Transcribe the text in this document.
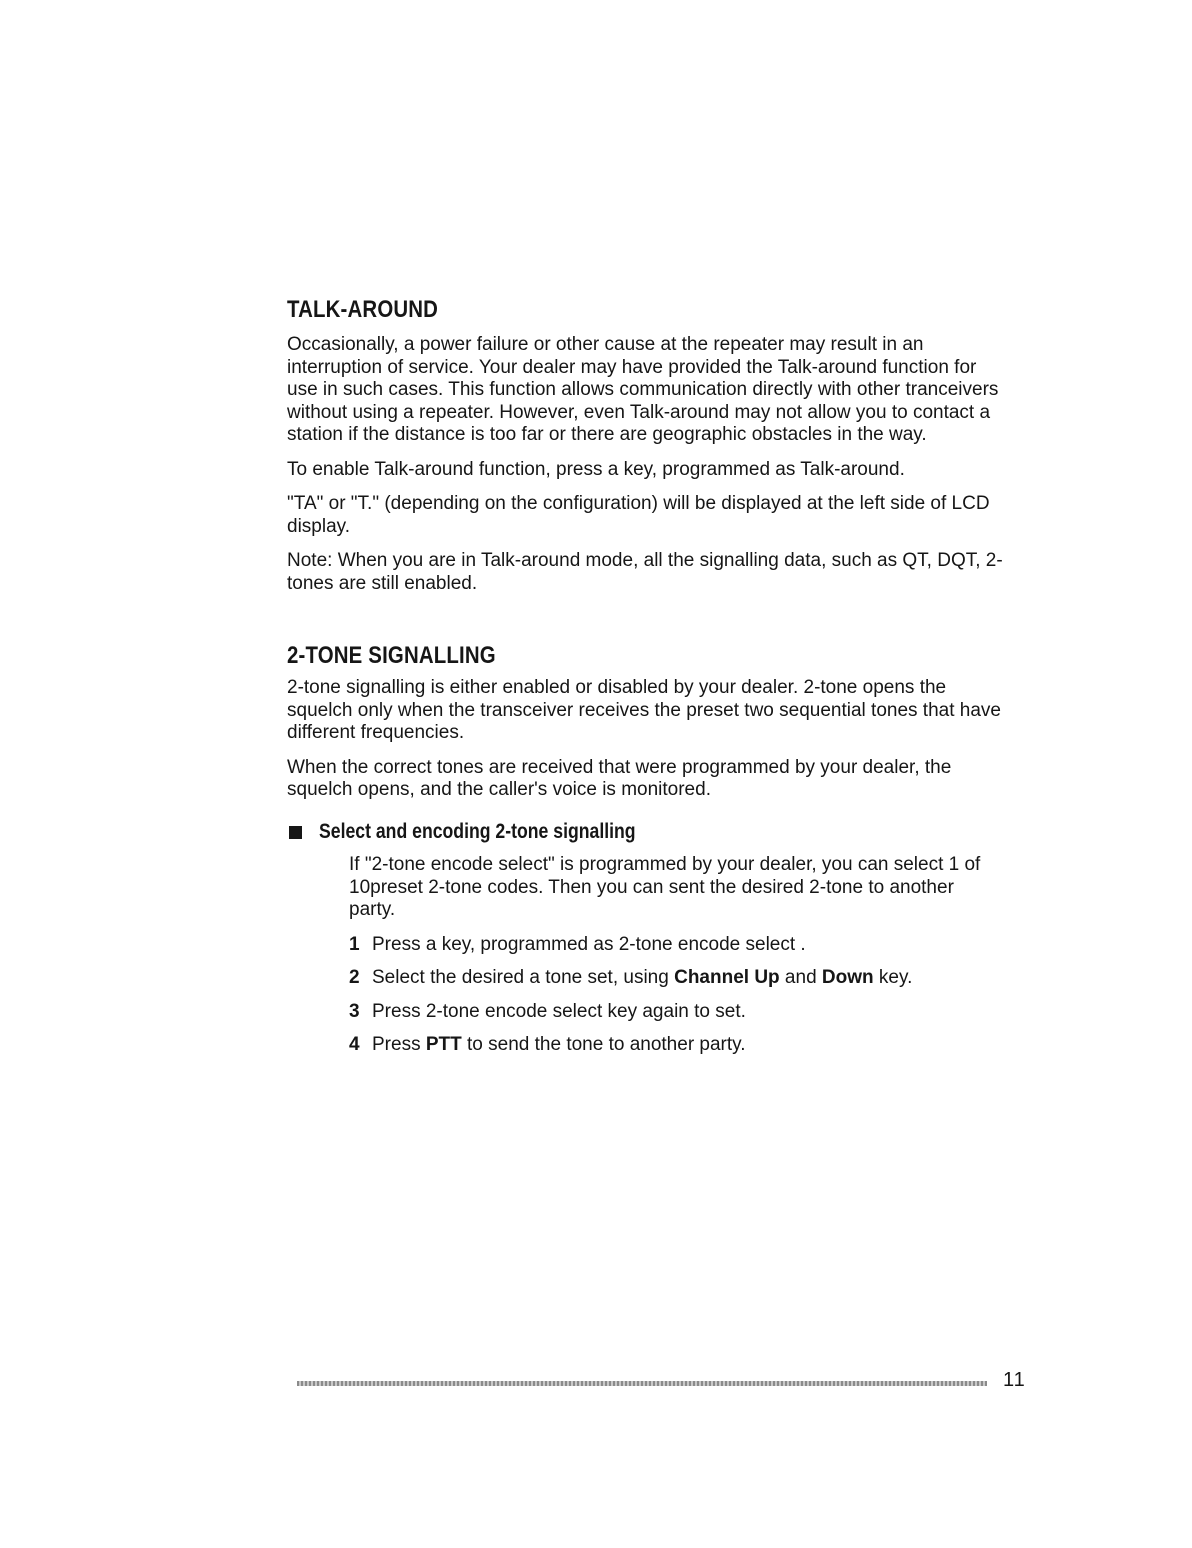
TALK-AROUND

Occasionally, a power failure or other cause at the repeater may result in an interruption of service. Your dealer may have provided the Talk-around function for use in such cases. This function allows communication directly with other tranceivers without using a repeater. However, even Talk-around may not allow you to contact a station if the distance is too far or there are geographic obstacles in the way.

To enable Talk-around function, press a key, programmed as Talk-around.

"TA" or "T." (depending on the configuration) will be displayed at the left side of LCD display.

Note: When you are in Talk-around mode, all the signalling data, such as QT, DQT, 2-tones are still enabled.

2-TONE SIGNALLING

2-tone signalling is either enabled or disabled by your dealer. 2-tone opens the squelch only when the transceiver receives the preset two sequential tones that have different frequencies.

When the correct tones are received that were programmed by your dealer, the squelch opens, and the caller's voice is monitored.

Select and encoding 2-tone signalling

If "2-tone encode select" is programmed by your dealer, you can select 1 of 10preset 2-tone codes. Then you can sent the desired 2-tone to another party.

1 Press a key, programmed as 2-tone encode select .
2 Select the desired a tone set, using Channel Up and Down key.
3 Press 2-tone encode select key again to set.
4 Press PTT to send the tone to another party.
11
